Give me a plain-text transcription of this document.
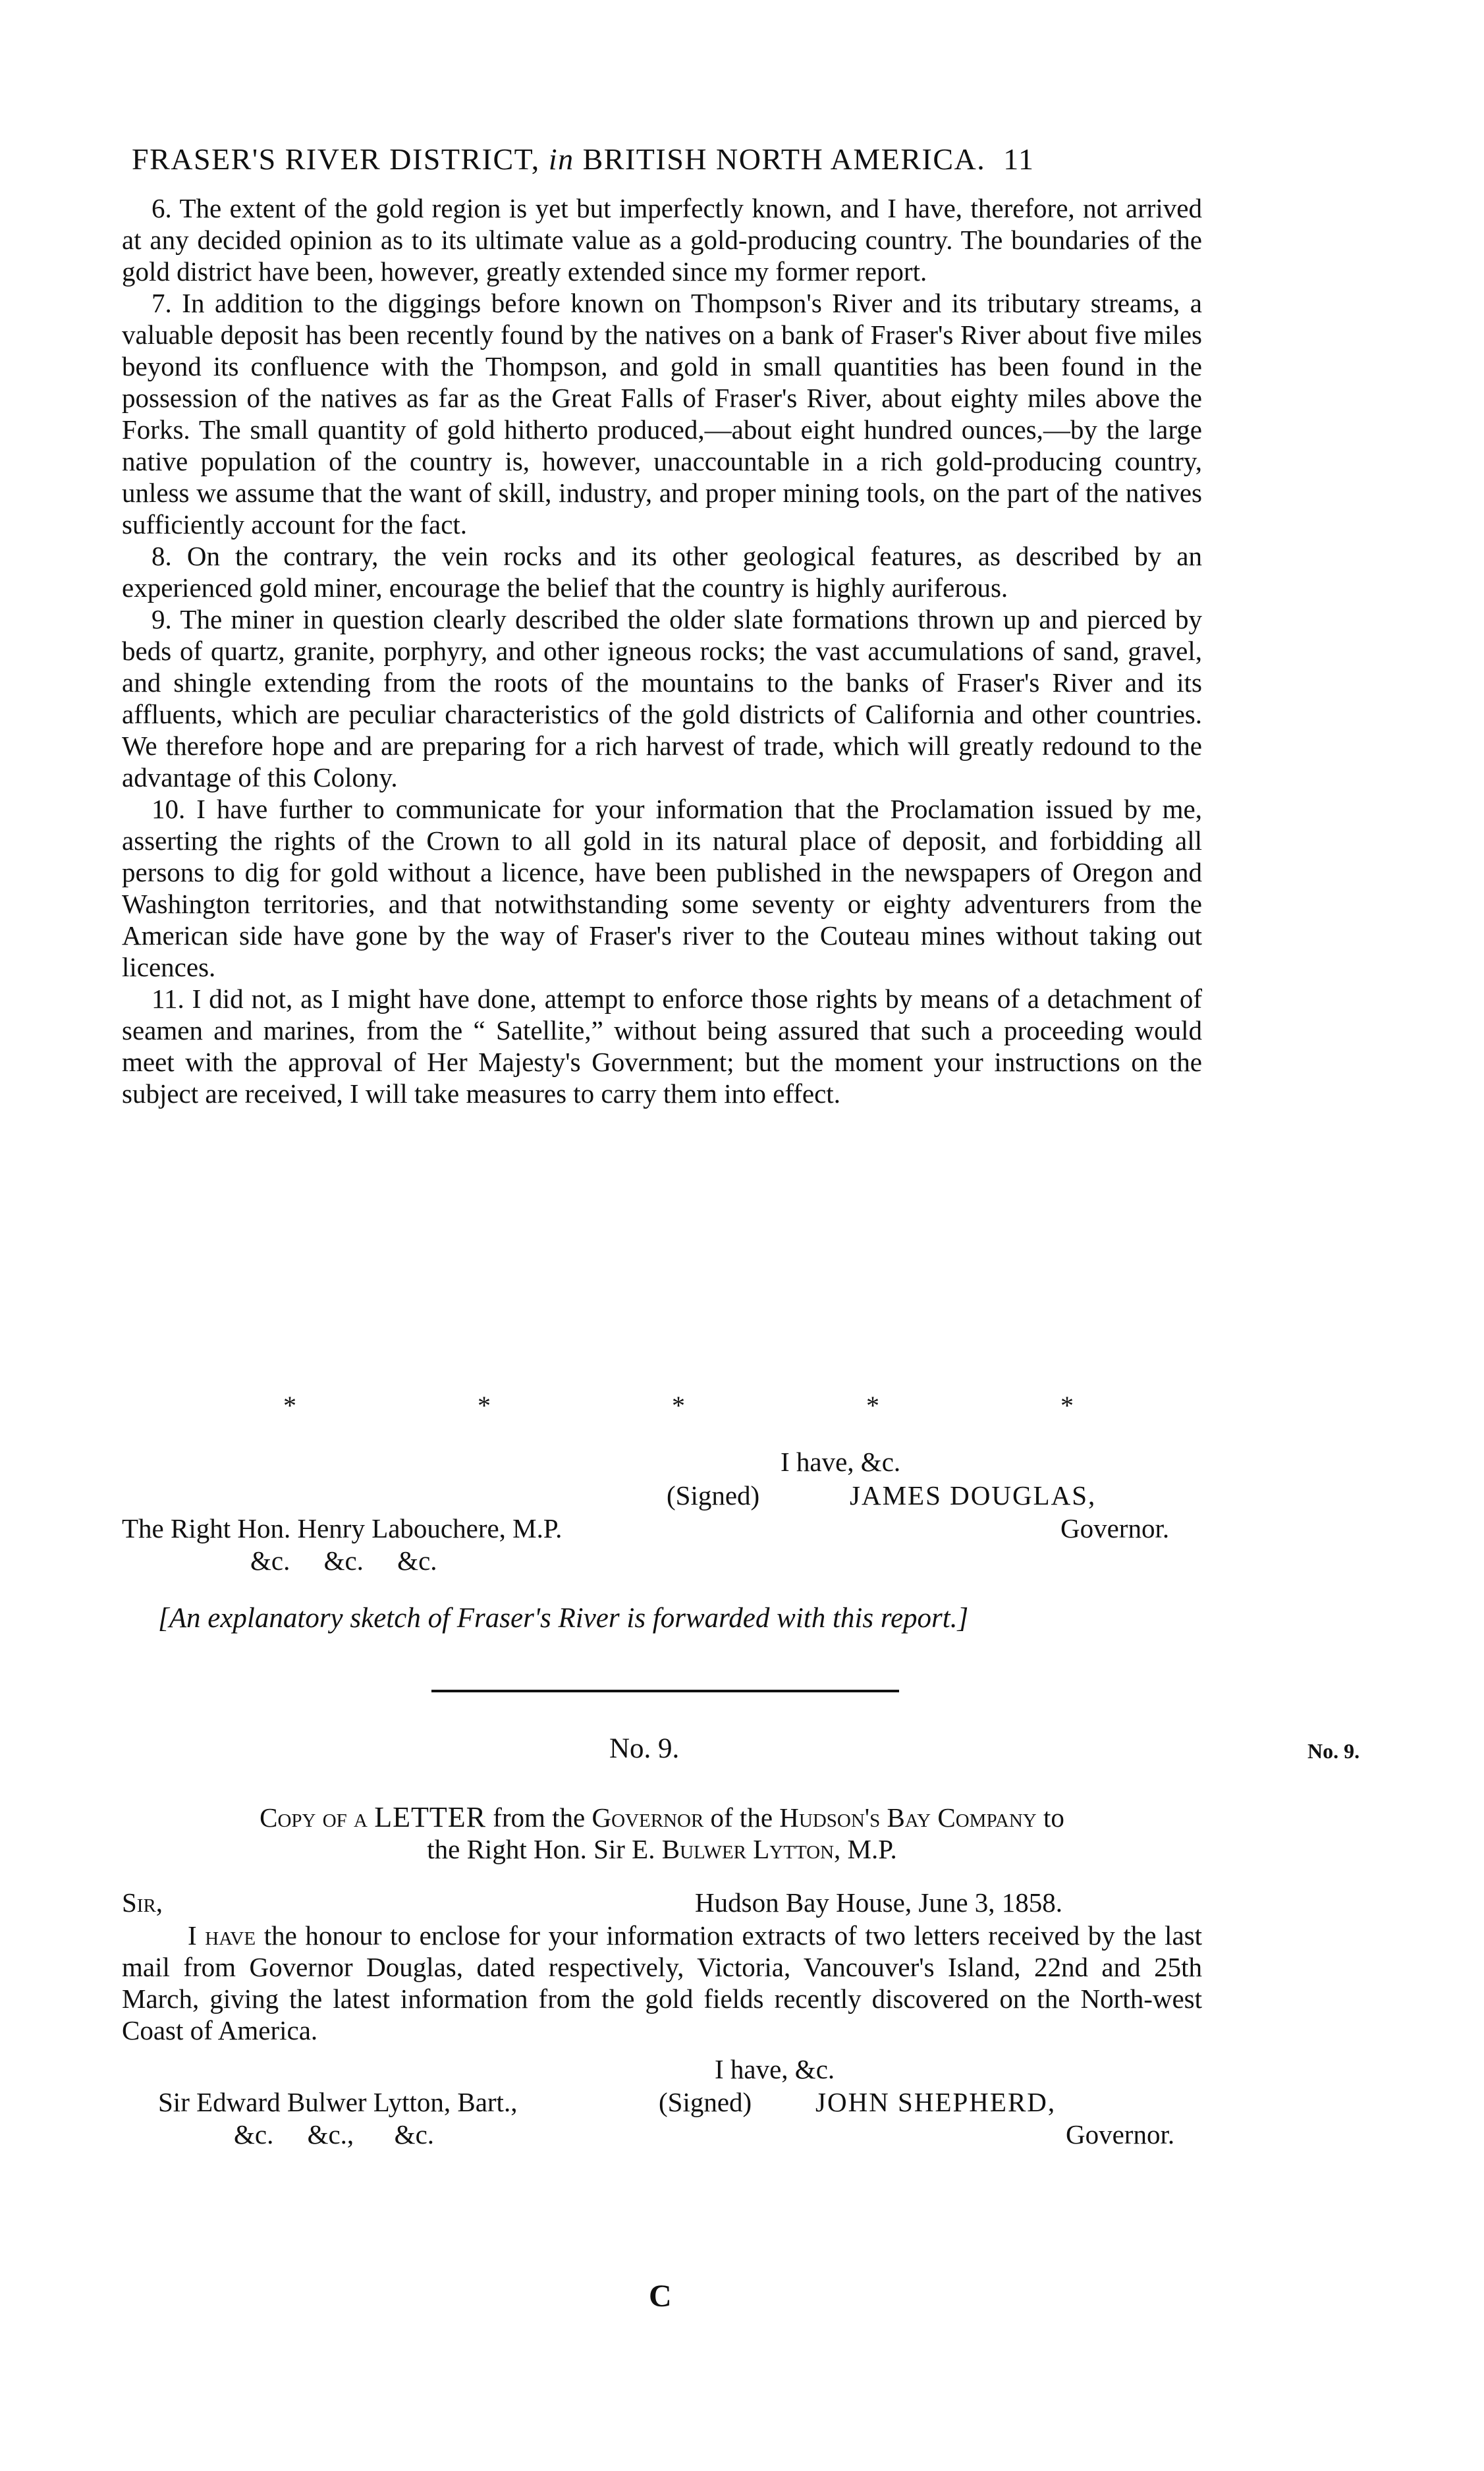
FRASER'S RIVER DISTRICT, in BRITISH NORTH AMERICA. 11

6. The extent of the gold region is yet but imperfectly known, and I have, therefore, not arrived at any decided opinion as to its ultimate value as a gold-producing country. The boundaries of the gold district have been, however, greatly extended since my former report.

7. In addition to the diggings before known on Thompson's River and its tributary streams, a valuable deposit has been recently found by the natives on a bank of Fraser's River about five miles beyond its confluence with the Thompson, and gold in small quantities has been found in the possession of the natives as far as the Great Falls of Fraser's River, about eighty miles above the Forks. The small quantity of gold hitherto produced,—about eight hundred ounces,—by the large native population of the country is, however, unaccountable in a rich gold-producing country, unless we assume that the want of skill, industry, and proper mining tools, on the part of the natives sufficiently account for the fact.

8. On the contrary, the vein rocks and its other geological features, as described by an experienced gold miner, encourage the belief that the country is highly auriferous.

9. The miner in question clearly described the older slate formations thrown up and pierced by beds of quartz, granite, porphyry, and other igneous rocks; the vast accumulations of sand, gravel, and shingle extending from the roots of the mountains to the banks of Fraser's River and its affluents, which are peculiar characteristics of the gold districts of California and other countries. We therefore hope and are preparing for a rich harvest of trade, which will greatly redound to the advantage of this Colony.

10. I have further to communicate for your information that the Proclamation issued by me, asserting the rights of the Crown to all gold in its natural place of deposit, and forbidding all persons to dig for gold without a licence, have been published in the newspapers of Oregon and Washington territories, and that notwithstanding some seventy or eighty adventurers from the American side have gone by the way of Fraser's river to the Couteau mines without taking out licences.

11. I did not, as I might have done, attempt to enforce those rights by means of a detachment of seamen and marines, from the “ Satellite,” without being assured that such a proceeding would meet with the approval of Her Majesty's Government; but the moment your instructions on the subject are received, I will take measures to carry them into effect.

*	*	*	*	*
I have, &c.
(Signed)	JAMES DOUGLAS,
The Right Hon. Henry Labouchere, M.P.	Governor.
&c.     &c.     &c.
[An explanatory sketch of Fraser's River is forwarded with this report.]
No. 9.	No. 9.
Copy of a LETTER from the Governor of the Hudson's Bay Company to
the Right Hon. Sir E. Bulwer Lytton, M.P.
Sir,	Hudson Bay House, June 3, 1858.

I have the honour to enclose for your information extracts of two letters received by the last mail from Governor Douglas, dated respectively, Victoria, Vancouver's Island, 22nd and 25th March, giving the latest information from the gold fields recently discovered on the North-west Coast of America.

I have, &c.
Sir Edward Bulwer Lytton, Bart.,	(Signed) JOHN SHEPHERD,
&c.     &c.,      &c.	Governor.
C
